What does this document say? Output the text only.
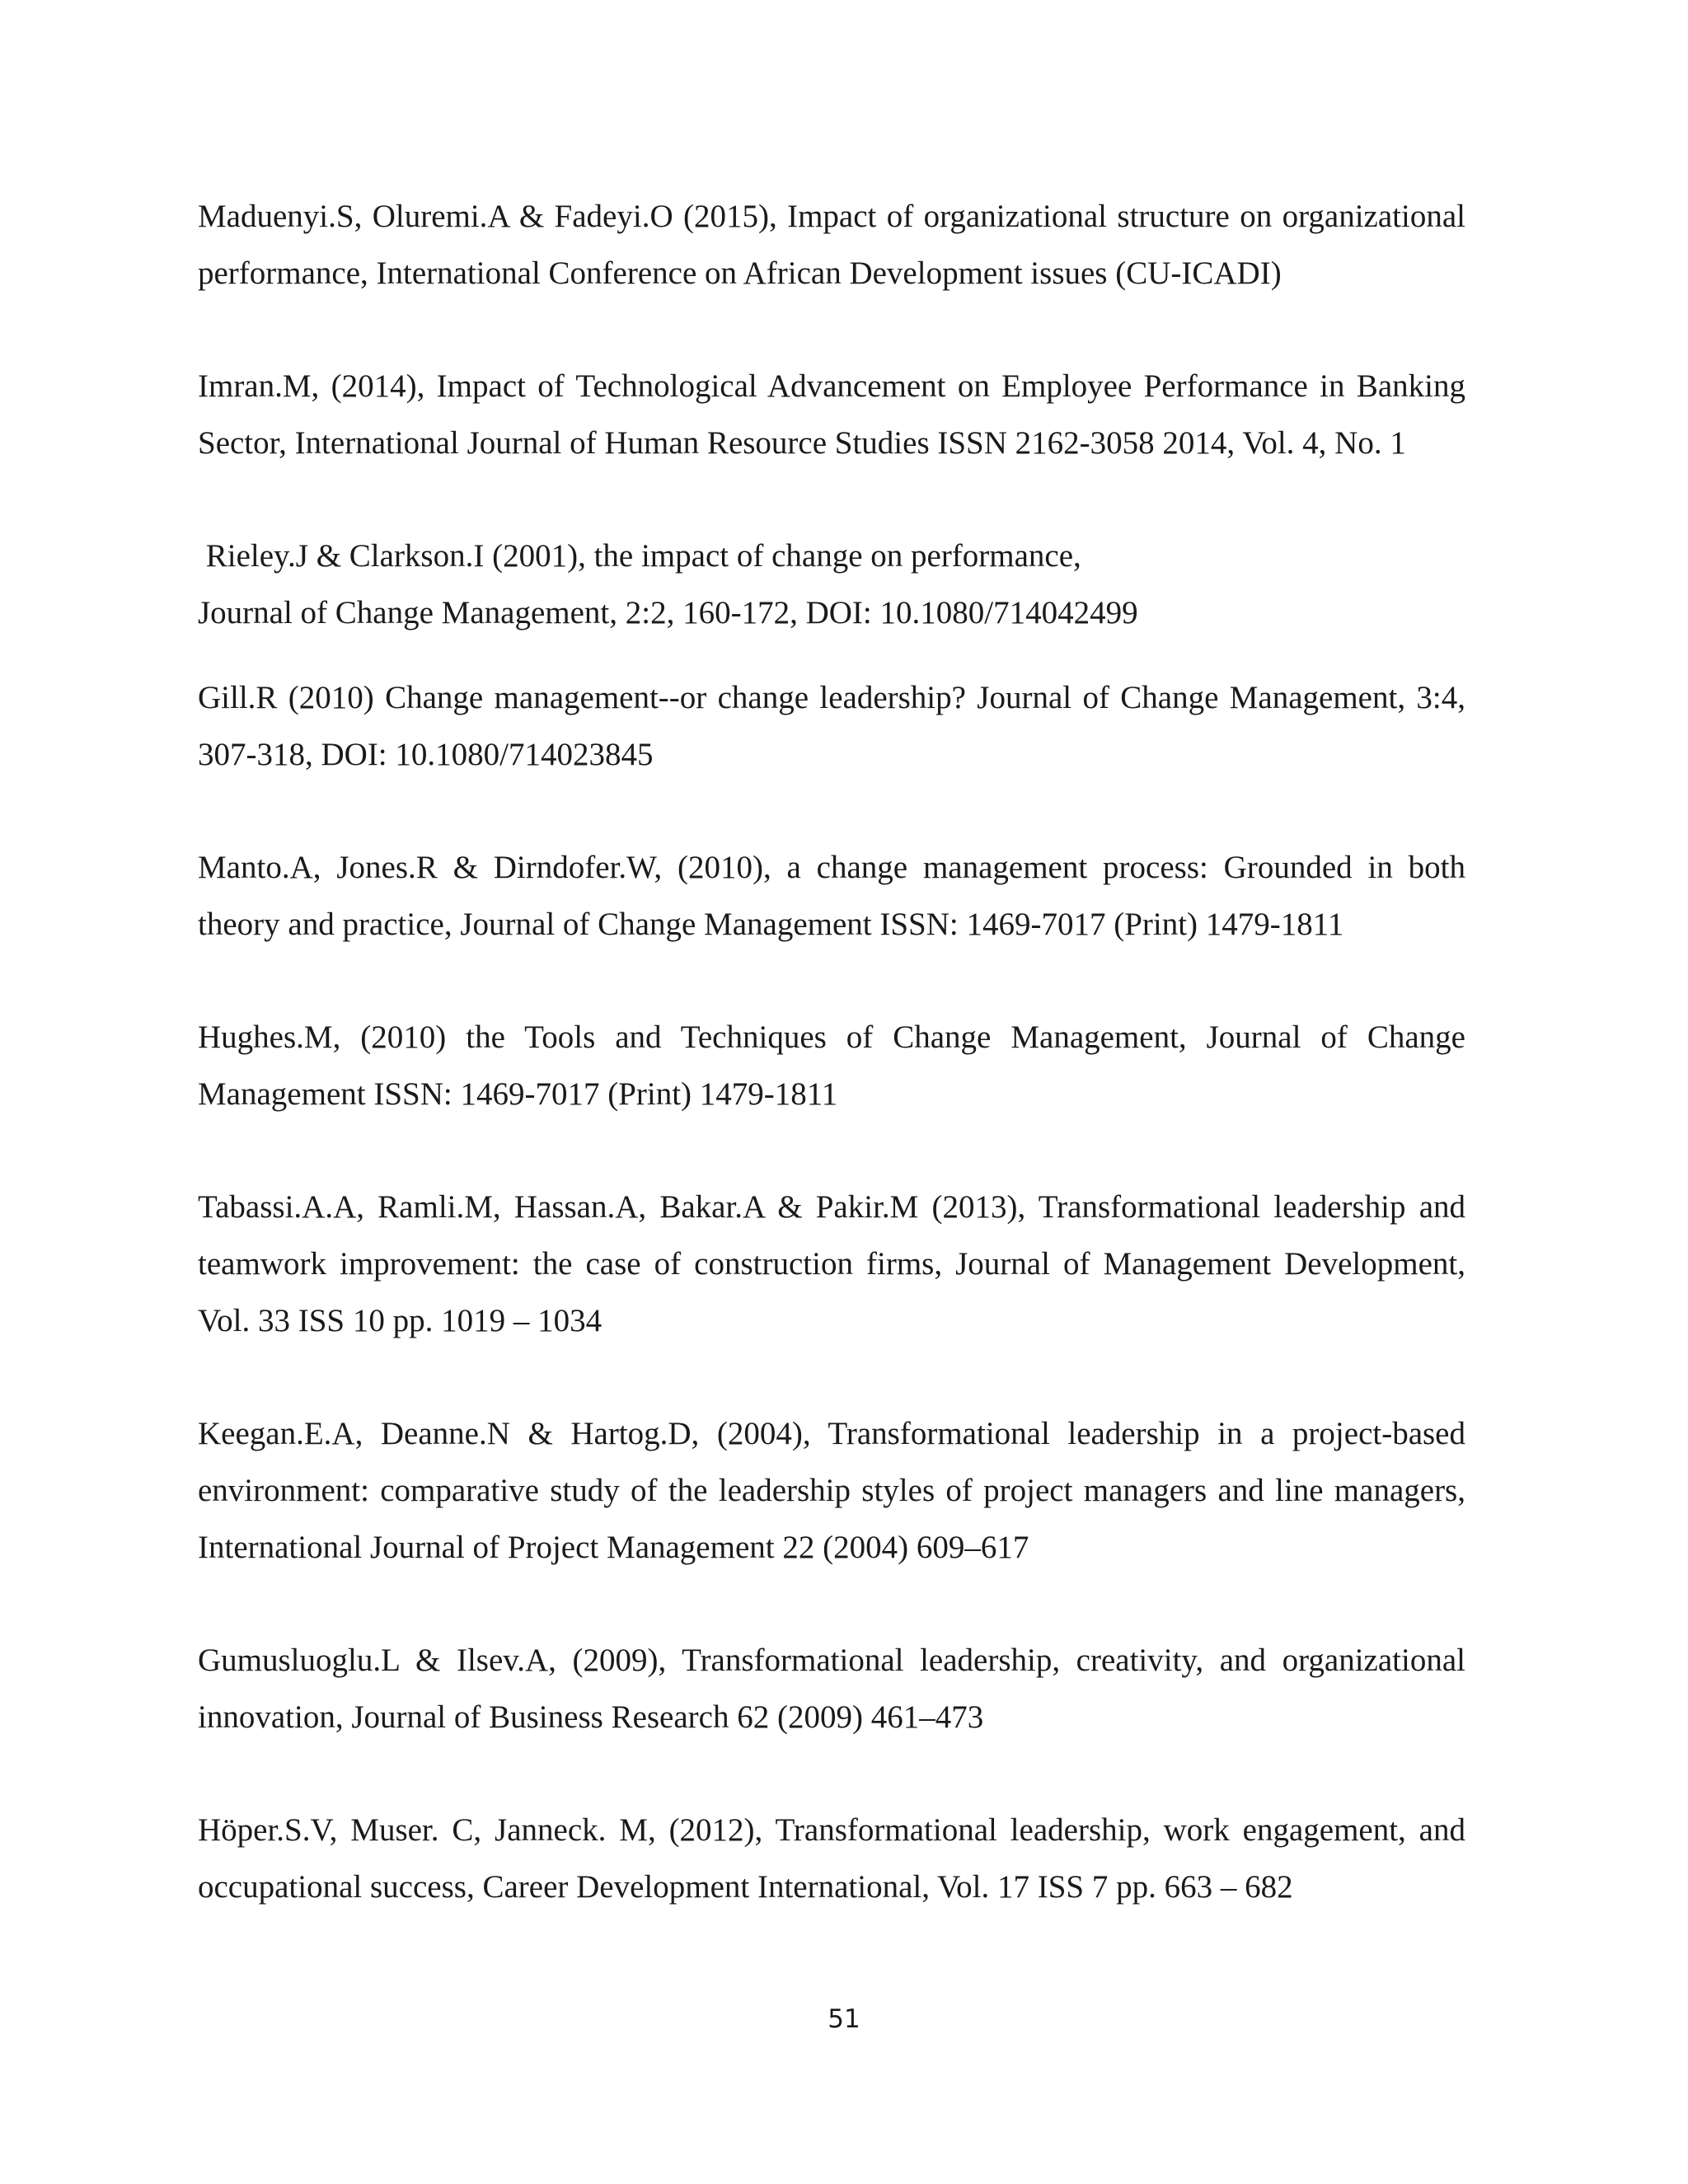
Maduenyi.S, Oluremi.A & Fadeyi.O (2015), Impact of organizational structure on organizational
performance, International Conference on African Development issues (CU-ICADI)

Imran.M, (2014), Impact of Technological Advancement on Employee Performance in Banking
Sector, International Journal of Human Resource Studies ISSN 2162-3058 2014, Vol. 4, No. 1

Rieley.J & Clarkson.I (2001), the impact of change on performance,
Journal of Change Management, 2:2, 160-172, DOI: 10.1080/714042499

Gill.R (2010) Change management--or change leadership? Journal of Change Management, 3:4,
307-318, DOI: 10.1080/714023845

Manto.A, Jones.R & Dirndofer.W, (2010), a change management process: Grounded in both
theory and practice, Journal of Change Management ISSN: 1469-7017 (Print) 1479-1811

Hughes.M, (2010) the Tools and Techniques of Change Management, Journal of Change
Management ISSN: 1469-7017 (Print) 1479-1811

Tabassi.A.A, Ramli.M, Hassan.A, Bakar.A & Pakir.M (2013), Transformational leadership and
teamwork improvement: the case of construction firms, Journal of Management Development,
Vol. 33 ISS 10 pp. 1019 – 1034

Keegan.E.A, Deanne.N & Hartog.D, (2004), Transformational leadership in a project-based
environment: comparative study of the leadership styles of project managers and line managers,
International Journal of Project Management 22 (2004) 609–617

Gumusluoglu.L & Ilsev.A, (2009), Transformational leadership, creativity, and organizational
innovation, Journal of Business Research 62 (2009) 461–473

Höper.S.V, Muser. C, Janneck. M, (2012), Transformational leadership, work engagement, and
occupational success, Career Development International, Vol. 17 ISS 7 pp. 663 – 682

51
